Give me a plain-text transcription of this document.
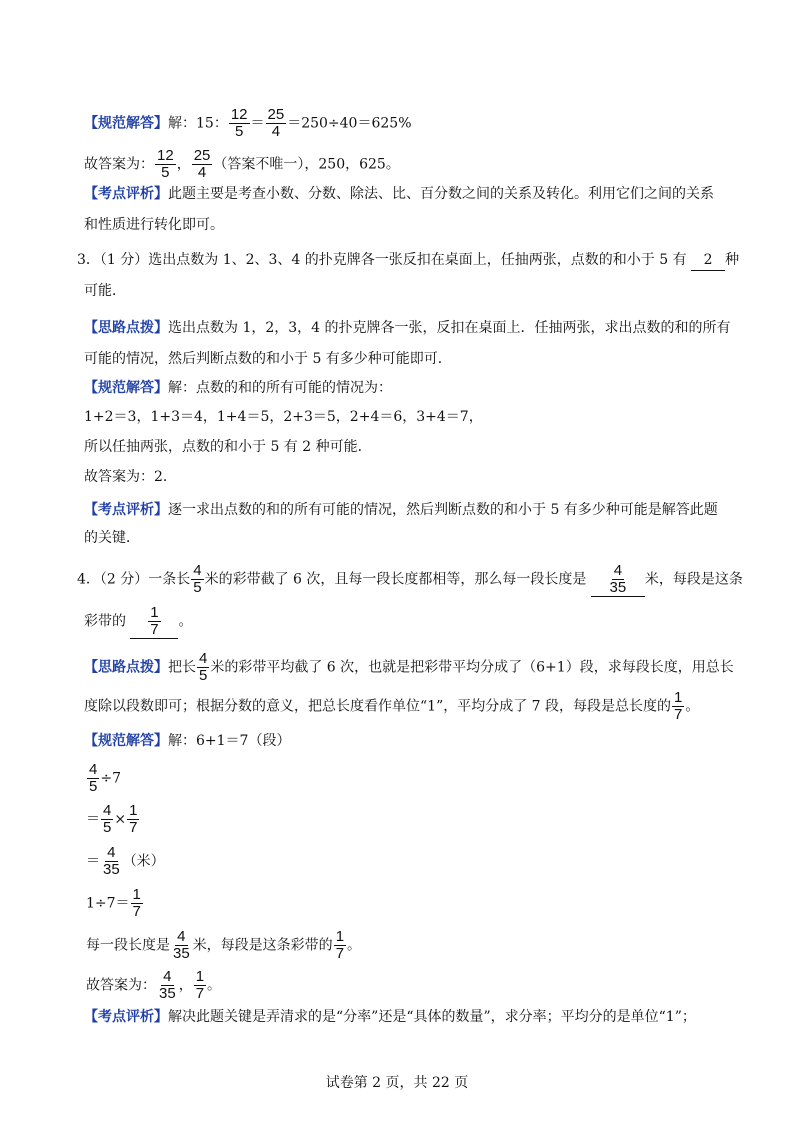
【规范解答】解：15： $\frac{12}{5} = \frac{25}{4} =250\div 40=625\%$
故答案为： $\frac{12}{5}$ ， $\frac{25}{4}$ （答案不唯一），250，625。
【考点评析】此题主要是考查小数、分数、除法、比、百分数之间的关系及转化。利用它们之间的关系
和性质进行转化即可。
3．（1 分）选出点数为 1、2、3、4 的扑克牌各一张反扣在桌面上，任抽两张，点数的和小于 5 有 2 种
可能．
【思路点拨】选出点数为 1，2，3，4 的扑克牌各一张，反扣在桌面上．任抽两张，求出点数的和的所有
可能的情况，然后判断点数的和小于 5 有多少种可能即可．
【规范解答】解：点数的和的所有可能的情况为：
1+2＝3，1+3＝4，1+4＝5，2+3＝5，2+4＝6，3+4＝7，
所以任抽两张，点数的和小于 5 有 2 种可能．
故答案为：2．
【考点评析】逐一求出点数的和的所有可能的情况，然后判断点数的和小于 5 有多少种可能是解答此题
的关键．
4．（2 分）一条长 $\frac{4}{5}$ 米的彩带截了 6 次，且每一段长度都相等，那么每一段长度是 $\frac{4}{35}$ 米，每段是这条
彩带的 $\frac{1}{7}$ 。
【思路点拨】把长 $\frac{4}{5}$ 米的彩带平均截了 6 次，也就是把彩带平均分成了（6+1）段，求每段长度，用总长
度除以段数即可；根据分数的意义，把总长度看作单位“1”，平均分成了 7 段，每段是总长度的 $\frac{1}{7}$ 。
【规范解答】解：6+1＝7（段）
$\frac{4}{5} \div 7$
＝ $\frac{4}{5} \times \frac{1}{7}$
＝ $\frac{4}{35}$ （米）
$1\div 7= \frac{1}{7}$
每一段长度是 $\frac{4}{35}$ 米，每段是这条彩带的 $\frac{1}{7}$ 。
故答案为： $\frac{4}{35}$ ， $\frac{1}{7}$ 。
【考点评析】解决此题关键是弄清求的是“分率”还是“具体的数量”，求分率；平均分的是单位“1”；
试卷第 2 页，共 22 页
